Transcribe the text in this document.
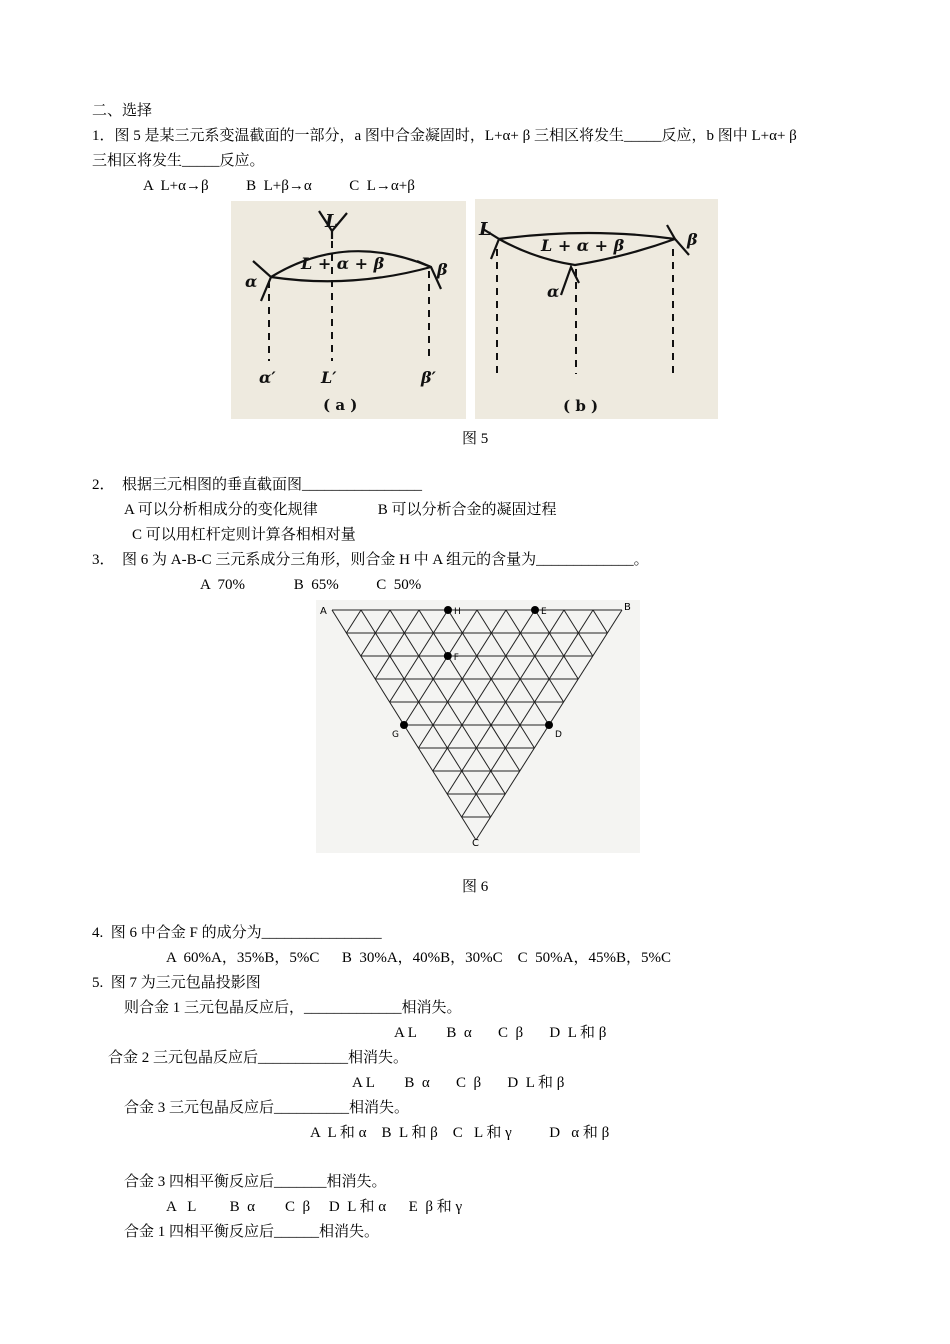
二、选择
1．图 5 是某三元系变温截面的一部分，a 图中合金凝固时，L+α+ β 三相区将发生_____反应，b 图中 L+α+ β
三相区将发生_____反应。
A  L+α→β          B  L+β→α          C  L→α+β
L
L + α + β
α
β
α′	L′	β′
( a )
L
L + α + β
α
β
( b )
图 5
2．  根据三元相图的垂直截面图________________
A 可以分析相成分的变化规律                B 可以分析合金的凝固过程
C 可以用杠杆定则计算各相相对量
3．  图 6 为 A-B-C 三元系成分三角形，则合金 H 中 A 组元的含量为_____________。
A  70%             B  65%          C  50%
H	E
F
G	D
A	B
C
图 6
4.  图 6 中合金 F 的成分为________________
A  60%A，35%B，5%C      B  30%A，40%B，30%C    C  50%A，45%B，5%C
5.  图 7 为三元包晶投影图
则合金 1 三元包晶反应后，_____________相消失。
A L        B  α       C  β       D  L 和 β
合金 2 三元包晶反应后____________相消失。
A L        B  α       C  β       D  L 和 β
合金 3 三元包晶反应后__________相消失。
A  L 和 α    B  L 和 β    C   L 和 γ          D   α 和 β
合金 3 四相平衡反应后_______相消失。
A   L         B  α        C  β     D  L 和 α      E  β 和 γ
合金 1 四相平衡反应后______相消失。
